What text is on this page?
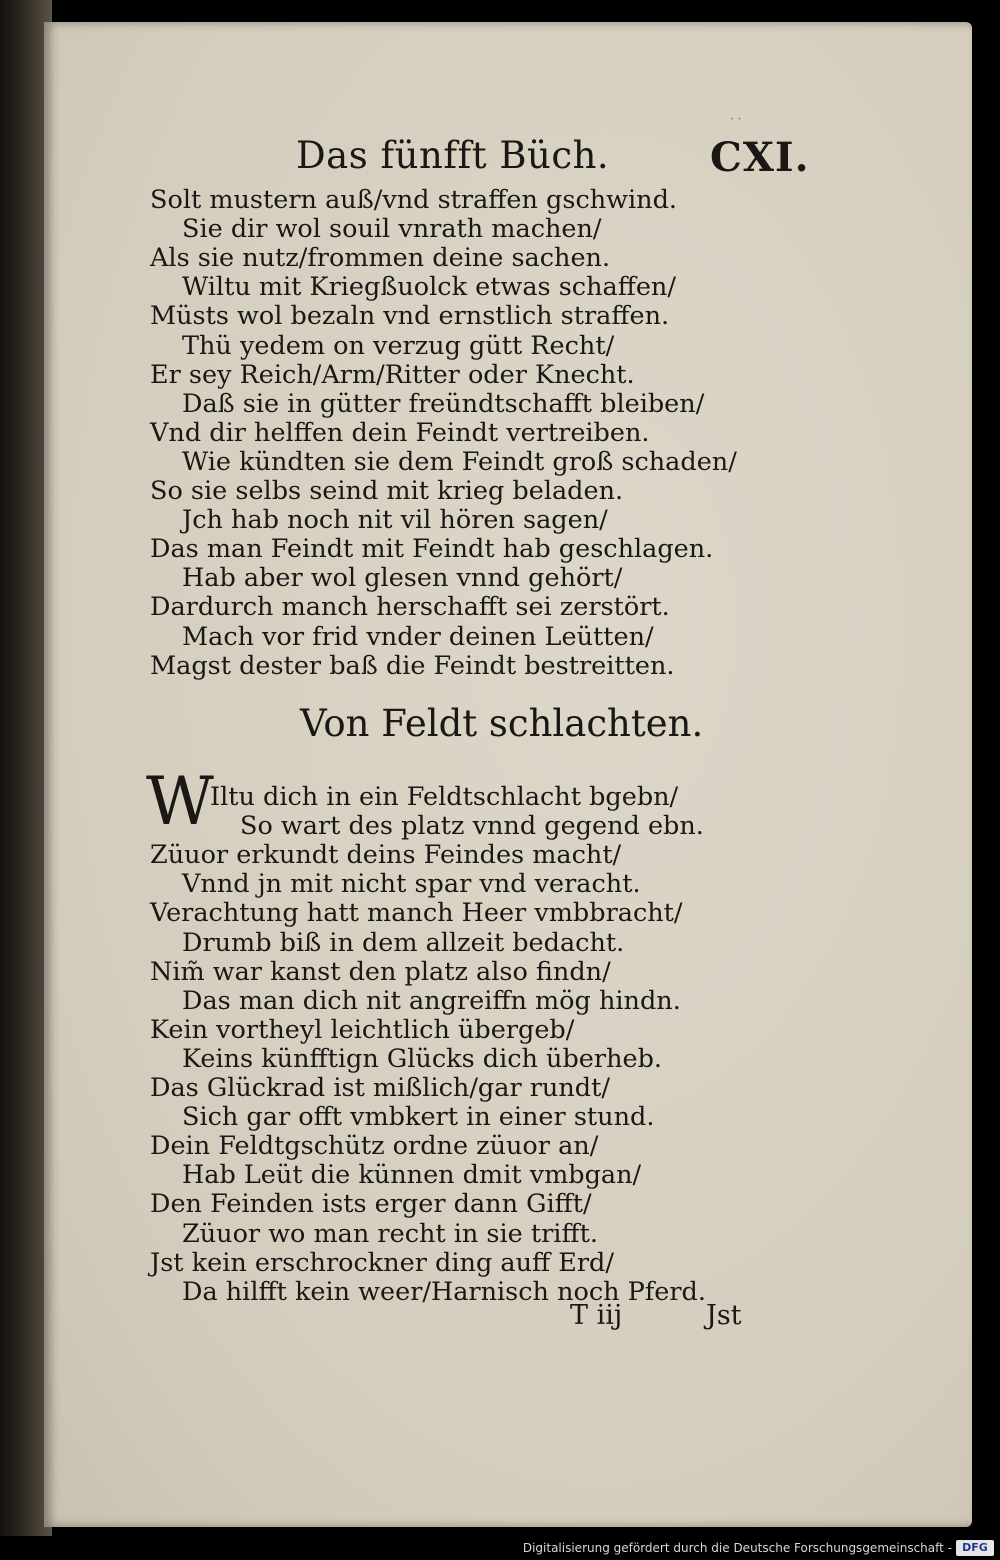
· ·
Das fünfft Büch.	CXI.
Solt mustern auß/vnd straffen gschwind.
Sie dir wol souil vnrath machen/
Als sie nutz/frommen deine sachen.
Wiltu mit Kriegßuolck etwas schaffen/
Müsts wol bezaln vnd ernstlich straffen.
Thü yedem on verzug gütt Recht/
Er sey Reich/Arm/Ritter oder Knecht.
Daß sie in gütter freündtschafft bleiben/
Vnd dir helffen dein Feindt vertreiben.
Wie kündten sie dem Feindt groß schaden/
So sie selbs seind mit krieg beladen.
Jch hab noch nit vil hören sagen/
Das man Feindt mit Feindt hab geschlagen.
Hab aber wol glesen vnnd gehört/
Dardurch manch herschafft sei zerstört.
Mach vor frid vnder deinen Leütten/
Magst dester baß die Feindt bestreitten.
Von Feldt schlachten.
W
Iltu dich in ein Feldtschlacht bgebn/
So wart des platz vnnd gegend ebn.
Züuor erkundt deins Feindes macht/
Vnnd jn mit nicht spar vnd veracht.
Verachtung hatt manch Heer vmbbracht/
Drumb biß in dem allzeit bedacht.
Nim̃ war kanst den platz also findn/
Das man dich nit angreiffn mög hindn.
Kein vortheyl leichtlich übergeb/
Keins künfftign Glücks dich überheb.
Das Glückrad ist mißlich/gar rundt/
Sich gar offt vmbkert in einer stund.
Dein Feldtgschütz ordne züuor an/
Hab Leüt die künnen dmit vmbgan/
Den Feinden ists erger dann Gifft/
Züuor wo man recht in sie trifft.
Jst kein erschrockner ding auff Erd/
Da hilfft kein weer/Harnisch noch Pferd.
T iij	Jst
Digitalisierung gefördert durch die Deutsche Forschungsgemeinschaft - DFG
